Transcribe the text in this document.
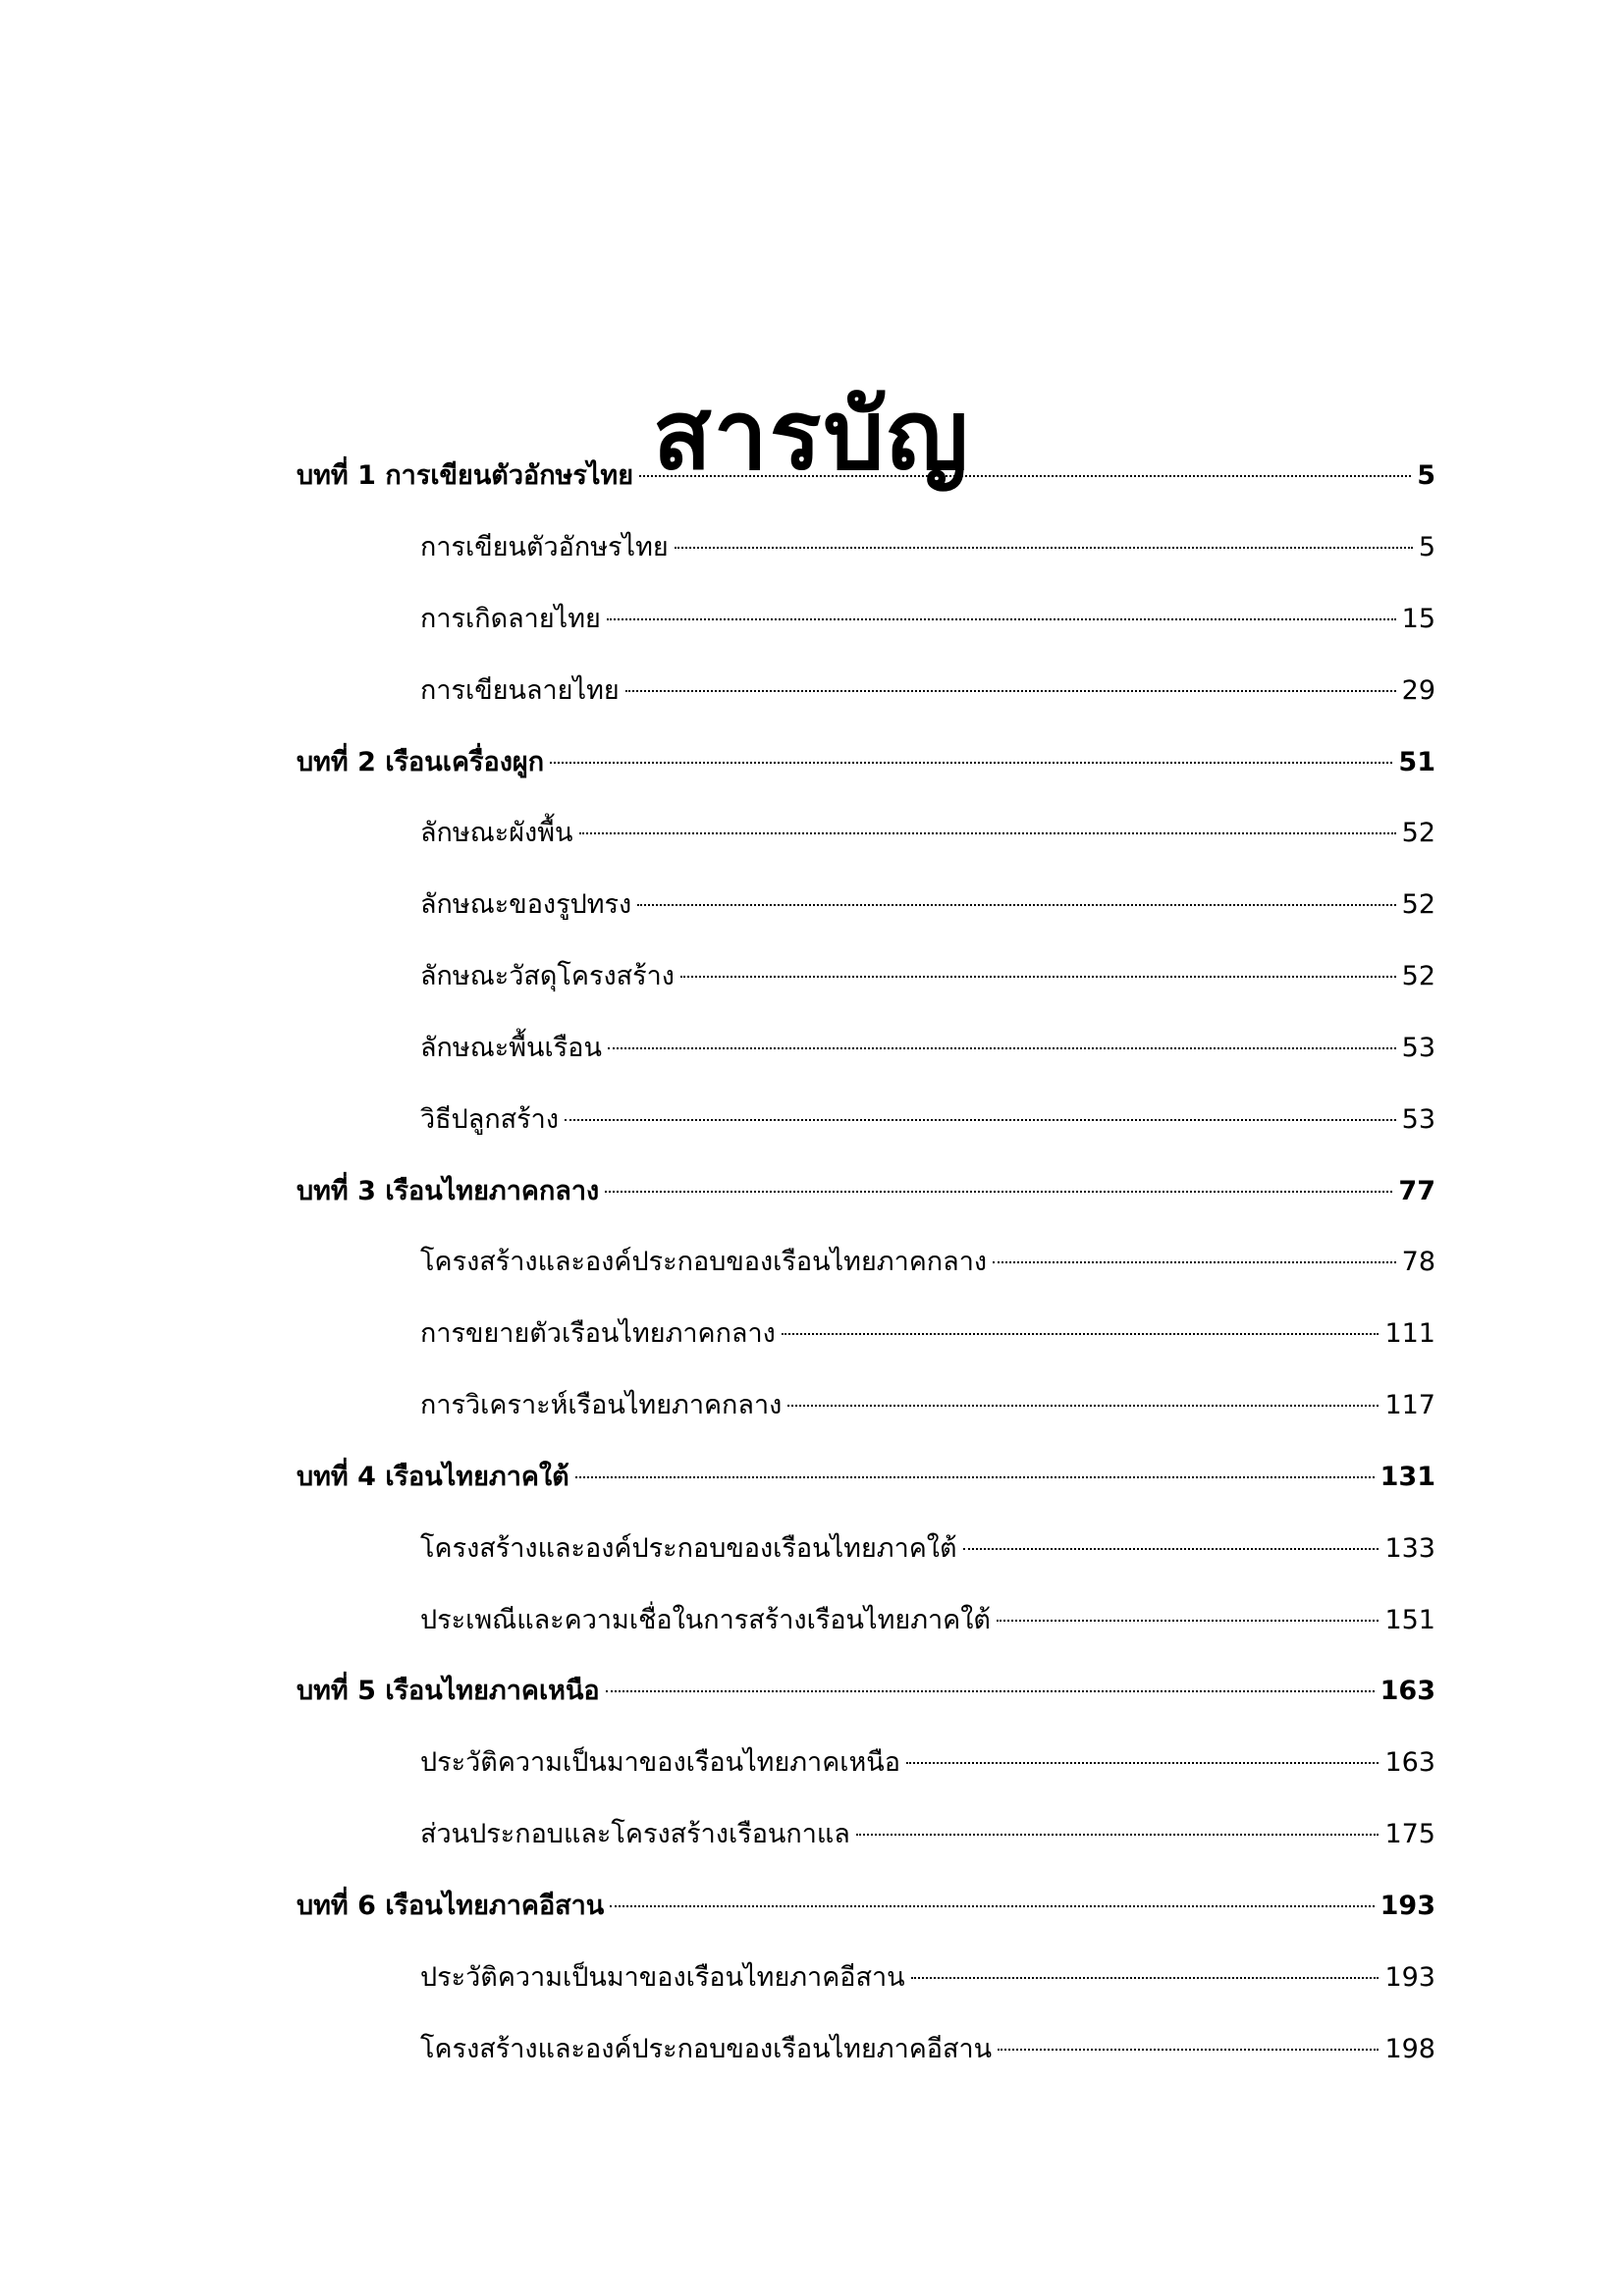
สารบัญ
บทที่ 1 การเขียนตัวอักษรไทย	5
การเขียนตัวอักษรไทย	5
การเกิดลายไทย	15
การเขียนลายไทย	29
บทที่ 2 เรือนเครื่องผูก	51
ลักษณะผังพื้น	52
ลักษณะของรูปทรง	52
ลักษณะวัสดุโครงสร้าง	52
ลักษณะพื้นเรือน	53
วิธีปลูกสร้าง	53
บทที่ 3 เรือนไทยภาคกลาง	77
โครงสร้างและองค์ประกอบของเรือนไทยภาคกลาง	78
การขยายตัวเรือนไทยภาคกลาง	111
การวิเคราะห์เรือนไทยภาคกลาง	117
บทที่ 4 เรือนไทยภาคใต้	131
โครงสร้างและองค์ประกอบของเรือนไทยภาคใต้	133
ประเพณีและความเชื่อในการสร้างเรือนไทยภาคใต้	151
บทที่ 5 เรือนไทยภาคเหนือ	163
ประวัติความเป็นมาของเรือนไทยภาคเหนือ	163
ส่วนประกอบและโครงสร้างเรือนกาแล	175
บทที่ 6 เรือนไทยภาคอีสาน	193
ประวัติความเป็นมาของเรือนไทยภาคอีสาน	193
โครงสร้างและองค์ประกอบของเรือนไทยภาคอีสาน	198
